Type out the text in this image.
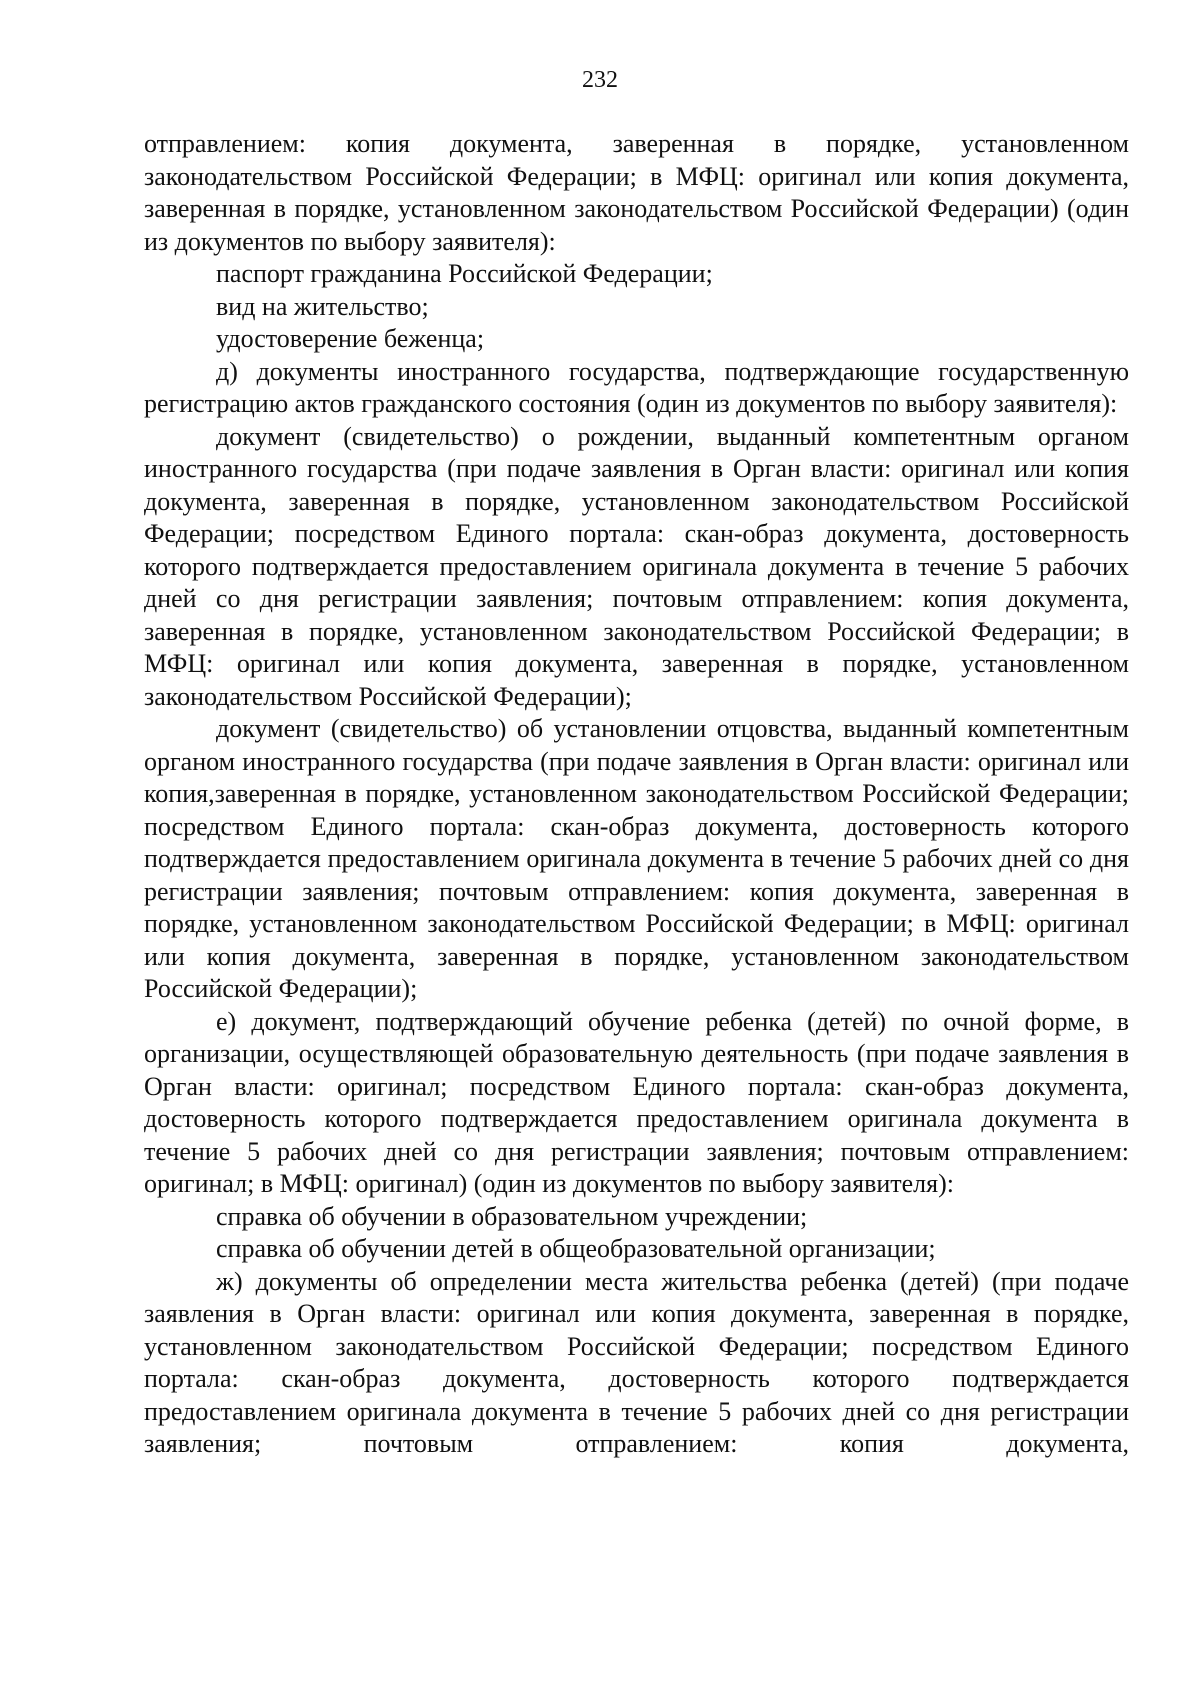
232

отправлением: копия документа, заверенная в порядке, установленном законодательством Российской Федерации; в МФЦ: оригинал или копия документа, заверенная в порядке, установленном законодательством Российской Федерации) (один из документов по выбору заявителя):

паспорт гражданина Российской Федерации;

вид на жительство;

удостоверение беженца;

д) документы иностранного государства, подтверждающие государственную регистрацию актов гражданского состояния (один из документов по выбору заявителя):

документ (свидетельство) о рождении, выданный компетентным органом иностранного государства (при подаче заявления в Орган власти: оригинал или копия документа, заверенная в порядке, установленном законодательством Российской Федерации; посредством Единого портала: скан-образ документа, достоверность которого подтверждается предоставлением оригинала документа в течение 5 рабочих дней со дня регистрации заявления; почтовым отправлением: копия документа, заверенная в порядке, установленном законодательством Российской Федерации; в МФЦ: оригинал или копия документа, заверенная в порядке, установленном законодательством Российской Федерации);

документ (свидетельство) об установлении отцовства, выданный компетентным органом иностранного государства (при подаче заявления в Орган власти: оригинал или копия,заверенная в порядке, установленном законодательством Российской Федерации; посредством Единого портала: скан-образ документа, достоверность которого подтверждается предоставлением оригинала документа в течение 5 рабочих дней со дня регистрации заявления; почтовым отправлением: копия документа, заверенная в порядке, установленном законодательством Российской Федерации; в МФЦ: оригинал или копия документа, заверенная в порядке, установленном законодательством Российской Федерации);

е) документ, подтверждающий обучение ребенка (детей) по очной форме, в организации, осуществляющей образовательную деятельность (при подаче заявления в Орган власти: оригинал; посредством Единого портала: скан-образ документа, достоверность которого подтверждается предоставлением оригинала документа в течение 5 рабочих дней со дня регистрации заявления; почтовым отправлением: оригинал; в МФЦ: оригинал) (один из документов по выбору заявителя):

справка об обучении в образовательном учреждении;

справка об обучении детей в общеобразовательной организации;

ж) документы об определении места жительства ребенка (детей) (при подаче заявления в Орган власти: оригинал или копия документа, заверенная в порядке, установленном законодательством Российской Федерации; посредством Единого портала: скан-образ документа, достоверность которого подтверждается предоставлением оригинала документа в течение 5 рабочих дней со дня регистрации заявления; почтовым отправлением: копия документа,
